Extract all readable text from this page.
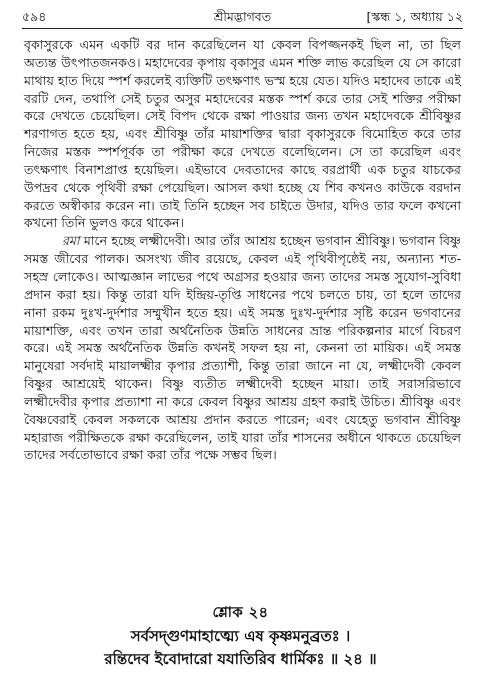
৫৯৪	শ্রীমদ্ভাগবত	[স্কন্ধ ১, অধ্যায় ১২

বৃকাসুরকে এমন একটি বর দান করেছিলেন যা কেবল বিপজ্জনকই ছিল না, তা ছিল অত্যন্ত উৎপাতজনকও। মহাদেবের কৃপায় বৃকাসুর এমন শক্তি লাভ করেছিল যে সে কারো মাথায় হাত দিয়ে স্পর্শ করলেই ব্যক্তিটি তৎক্ষণাৎ ভস্ম হয়ে যেত। যদিও মহাদেব তাকে এই বরটি দেন, তথাপি সেই চতুর অসুর মহাদেবের মস্তক স্পর্শ করে তার সেই শক্তির পরীক্ষা করে দেখতে চেয়েছিল। সেই বিপদ থেকে রক্ষা পাওয়ার জন্য তখন মহাদেবকে শ্রীবিষ্ণুর শরণাগত হতে হয়, এবং শ্রীবিষ্ণু তাঁর মায়াশক্তির দ্বারা বৃকাসুরকে বিমোহিত করে তার নিজের মস্তক স্পর্শপূর্বক তা পরীক্ষা করে দেখতে বলেছিলেন। সে তা করেছিল এবং তৎক্ষণাৎ বিনাশপ্রাপ্ত হয়েছিল। এইভাবে দেবতাদের কাছে বরপ্রার্থী এক চতুর যাচকের উপদ্রব থেকে পৃথিবী রক্ষা পেয়েছিল। আসল কথা হচ্ছে যে শিব কখনও কাউকে বরদান করতে অস্বীকার করেন না। তাই তিনি হচ্ছেন সব চাইতে উদার, যদিও তার ফলে কখনো কখনো তিনি ভুলও করে থাকেন।

রমা মানে হচ্ছে লক্ষ্মীদেবী। আর তাঁর আশ্রয় হচ্ছেন ভগবান শ্রীবিষ্ণু। ভগবান বিষ্ণু সমস্ত জীবের পালক। অসংখ্য জীব রয়েছে, কেবল এই পৃথিবীপৃষ্ঠেই নয়, অন্যান্য শত-সহস্র লোকেও। আত্মজ্ঞান লাভের পথে অগ্রসর হওয়ার জন্য তাদের সমস্ত সুযোগ-সুবিধা প্রদান করা হয়। কিন্তু তারা যদি ইন্দ্রিয়-তৃপ্তি সাধনের পথে চলতে চায়, তা হলে তাদের নানা রকম দুঃখ-দুর্দশার সম্মুখীন হতে হয়। এই সমস্ত দুঃখ-দুর্দশার সৃষ্টি করেন ভগবানের মায়াশক্তি, এবং তখন তারা অর্থনৈতিক উন্নতি সাধনের ভ্রান্ত পরিকল্পনার মার্গে বিচরণ করে। এই সমস্ত অর্থনৈতিক উন্নতি কখনই সফল হয় না, কেননা তা মায়িক। এই সমস্ত মানুষেরা সর্বদাই মায়ালক্ষ্মীর কৃপার প্রত্যাশী, কিন্তু তারা জানে না যে, লক্ষ্মীদেবী কেবল বিষ্ণুর আশ্রয়েই থাকেন। বিষ্ণু ব্যতীত লক্ষ্মীদেবী হচ্ছেন মায়া। তাই সরাসরিভাবে লক্ষ্মীদেবীর কৃপার প্রত্যাশা না করে কেবল বিষ্ণুর আশ্রয় গ্রহণ করাই উচিত। শ্রীবিষ্ণু এবং বৈষ্ণবেরাই কেবল সকলকে আশ্রয় প্রদান করতে পারেন; এবং যেহেতু ভগবান শ্রীবিষ্ণু মহারাজ পরীক্ষিতকে রক্ষা করেছিলেন, তাই যারা তাঁর শাসনের অধীনে থাকতে চেয়েছিল তাদের সর্বতোভাবে রক্ষা করা তাঁর পক্ষে সম্ভব ছিল।

শ্লোক ২৪
সর্বসদ্গুণমাহাত্ম্যে এষ কৃষ্ণমনুব্রতঃ ।
রন্তিদেব ইবোদারো যযাতিরিব ধার্মিকঃ ॥ ২৪ ॥
